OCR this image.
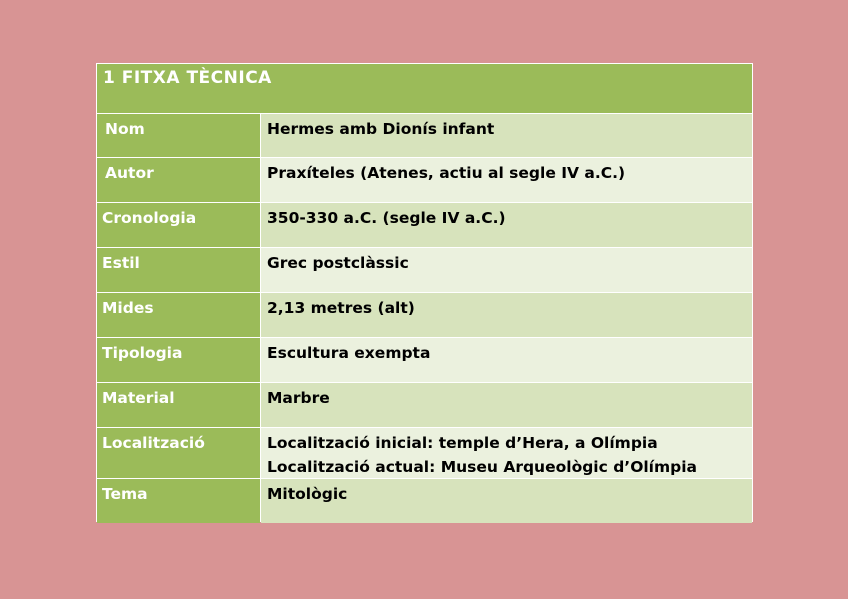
1 FITXA TÈCNICA
Nom	Hermes amb Dionís infant
Autor	Praxíteles (Atenes, actiu al segle IV a.C.)
Cronologia	350-330 a.C. (segle IV a.C.)
Estil	Grec postclàssic
Mides	2,13 metres (alt)
Tipologia	Escultura exempta
Material	Marbre
Localització	Localització inicial: temple d’Hera, a Olímpia
Localització actual: Museu Arqueològic d’Olímpia
Tema	Mitològic
